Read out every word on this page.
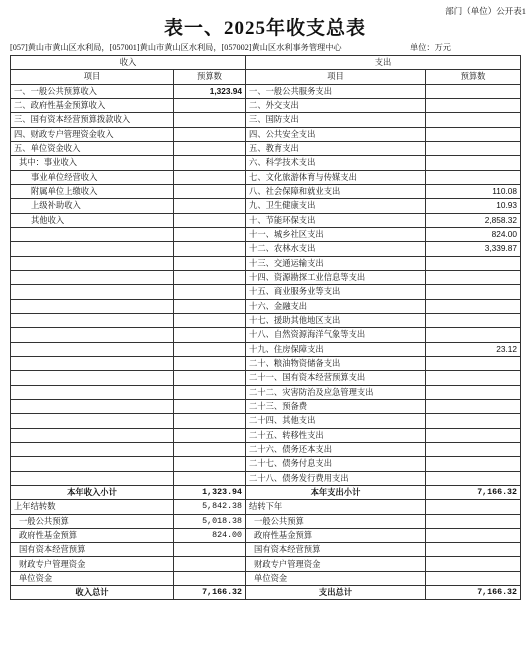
部门（单位）公开表1
表一、2025年收支总表
[057]黄山市黄山区水利局，[057001]黄山市黄山区水利局，[057002]黄山区水利事务管理中心	单位：万元
收入		支出	
项目	预算数	项目	预算数
一、一般公共预算收入	1,323.94	一、一般公共服务支出	
二、政府性基金预算收入		二、外交支出	
三、国有资本经营预算拨款收入		三、国防支出	
四、财政专户管理资金收入		四、公共安全支出	
五、单位资金收入		五、教育支出	
其中：事业收入		六、科学技术支出	
事业单位经营收入		七、文化旅游体育与传媒支出	
附属单位上缴收入		八、社会保障和就业支出	110.08
上级补助收入		九、卫生健康支出	10.93
其他收入		十、节能环保支出	2,858.32
		十一、城乡社区支出	824.00
		十二、农林水支出	3,339.87
		十三、交通运输支出	
		十四、资源勘探工业信息等支出	
		十五、商业服务业等支出	
		十六、金融支出	
		十七、援助其他地区支出	
		十八、自然资源海洋气象等支出	
		十九、住房保障支出	23.12
		二十、粮油物资储备支出	
		二十一、国有资本经营预算支出	
		二十二、灾害防治及应急管理支出	
		二十三、预备费	
		二十四、其他支出	
		二十五、转移性支出	
		二十六、债务还本支出	
		二十七、债务付息支出	
		二十八、债务发行费用支出	
本年收入小计	1,323.94	本年支出小计	7,166.32
上年结转数	5,842.38	结转下年	
一般公共预算	5,018.38	一般公共预算	
政府性基金预算	824.00	政府性基金预算	
国有资本经营预算		国有资本经营预算	
财政专户管理资金		财政专户管理资金	
单位资金		单位资金	
收入总计	7,166.32	支出总计	7,166.32
